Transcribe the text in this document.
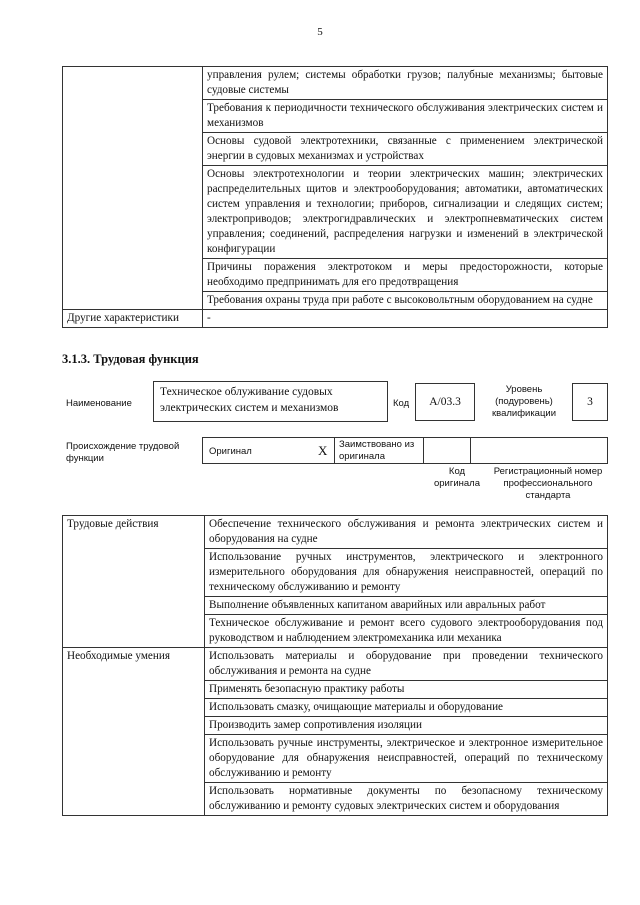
5
	управления рулем; системы обработки грузов; палубные механизмы; бытовые судовые системы
	Требования к периодичности технического обслуживания электрических систем и механизмов
	Основы судовой электротехники, связанные с применением электрической энергии в судовых механизмах и устройствах
	Основы электротехнологии и теории электрических машин; электрических распределительных щитов и электрооборудования; автоматики, автоматических систем управления и технологии; приборов, сигнализации и следящих систем; электроприводов; электрогидравлических и электропневматических систем управления; соединений, распределения нагрузки и изменений в электрической конфигурации
	Причины поражения электротоком и меры предосторожности, которые необходимо предпринимать для его предотвращения
	Требования охраны труда при работе с высоковольтным оборудованием на судне
Другие характеристики	-
3.1.3. Трудовая функция
Наименование
Техническое облуживание судовых электрических систем и механизмов	Код	A/03.3
Уровень (подуровень) квалификации
3
Происхождение трудовой функции
Оригинал	X Заимствовано из оригинала
Код оригинала
Регистрационный номер профессионального стандарта
Трудовые действия	Обеспечение технического обслуживания и ремонта электрических систем и оборудования на судне
	Использование ручных инструментов, электрического и электронного измерительного оборудования для обнаружения неисправностей, операций по техническому обслуживанию и ремонту
	Выполнение объявленных капитаном аварийных или авральных работ
	Техническое обслуживание и ремонт всего судового электрооборудования под руководством и наблюдением электромеханика или механика
Необходимые умения	Использовать материалы и оборудование при проведении технического обслуживания и ремонта на судне
	Применять безопасную практику работы
	Использовать смазку, очищающие материалы и оборудование
	Производить замер сопротивления изоляции
	Использовать ручные инструменты, электрическое и электронное измерительное оборудование для обнаружения неисправностей, операций по техническому обслуживанию и ремонту
	Использовать нормативные документы по безопасному техническому обслуживанию и ремонту судовых электрических систем и оборудования
